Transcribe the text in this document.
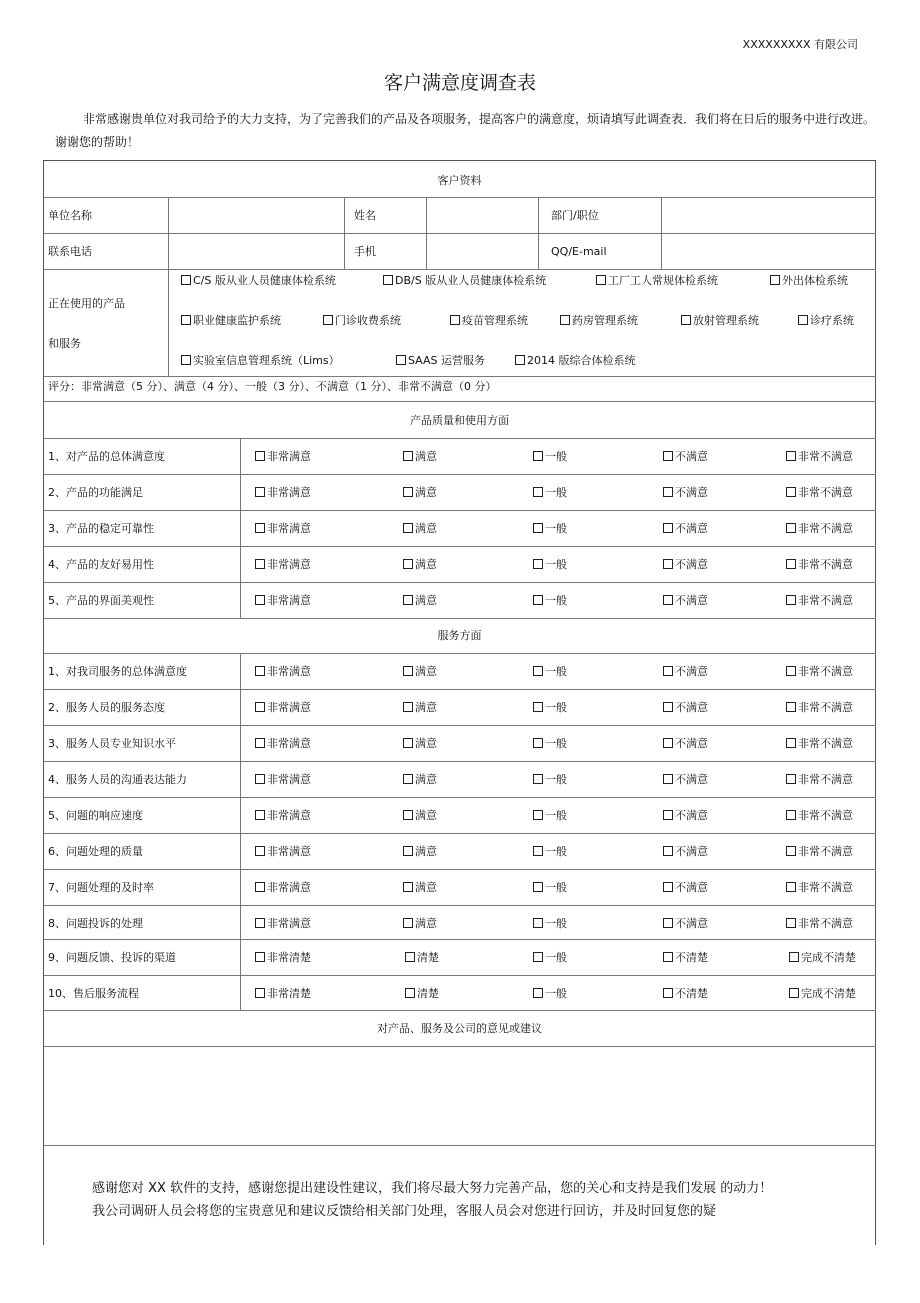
XXXXXXXXX 有限公司
客户满意度调查表
非常感谢贵单位对我司给予的大力支持，为了完善我们的产品及各项服务，提高客户的满意度，烦请填写此调查表．我们将在日后的服务中进行改进。谢谢您的帮助！
客户资料
单位名称	姓名	部门/职位
联系电话	手机	QQ/E-mail
正在使用的产品
和服务
C/S 版从业人员健康体检系统	DB/S 版从业人员健康体检系统	工厂工人常规体检系统	外出体检系统
职业健康监护系统	门诊收费系统	疫苗管理系统	药房管理系统	放射管理系统	诊疗系统
实验室信息管理系统（Lims）	SAAS 运营服务	2014 版综合体检系统
评分：非常满意（5 分）、满意（4 分）、一般（3 分）、不满意（1 分）、非常不满意（0 分）
产品质量和使用方面
1、对产品的总体满意度	非常满意	满意	一般	不满意	非常不满意
2、产品的功能满足	非常满意	满意	一般	不满意	非常不满意
3、产品的稳定可靠性	非常满意	满意	一般	不满意	非常不满意
4、产品的友好易用性	非常满意	满意	一般	不满意	非常不满意
5、产品的界面美观性	非常满意	满意	一般	不满意	非常不满意
服务方面
1、对我司服务的总体满意度	非常满意	满意	一般	不满意	非常不满意
2、服务人员的服务态度	非常满意	满意	一般	不满意	非常不满意
3、服务人员专业知识水平	非常满意	满意	一般	不满意	非常不满意
4、服务人员的沟通表达能力	非常满意	满意	一般	不满意	非常不满意
5、问题的响应速度	非常满意	满意	一般	不满意	非常不满意
6、问题处理的质量	非常满意	满意	一般	不满意	非常不满意
7、问题处理的及时率	非常满意	满意	一般	不满意	非常不满意
8、问题投诉的处理	非常满意	满意	一般	不满意	非常不满意
9、问题反馈、投诉的渠道	非常清楚	清楚	一般	不清楚	完成不清楚
10、售后服务流程	非常清楚	清楚	一般	不清楚	完成不清楚
对产品、服务及公司的意见或建议
感谢您对 XX 软件的支持，感谢您提出建设性建议，我们将尽最大努力完善产品，您的关心和支持是我们发展 的动力！
我公司调研人员会将您的宝贵意见和建议反馈给相关部门处理，客服人员会对您进行回访，并及时回复您的疑
